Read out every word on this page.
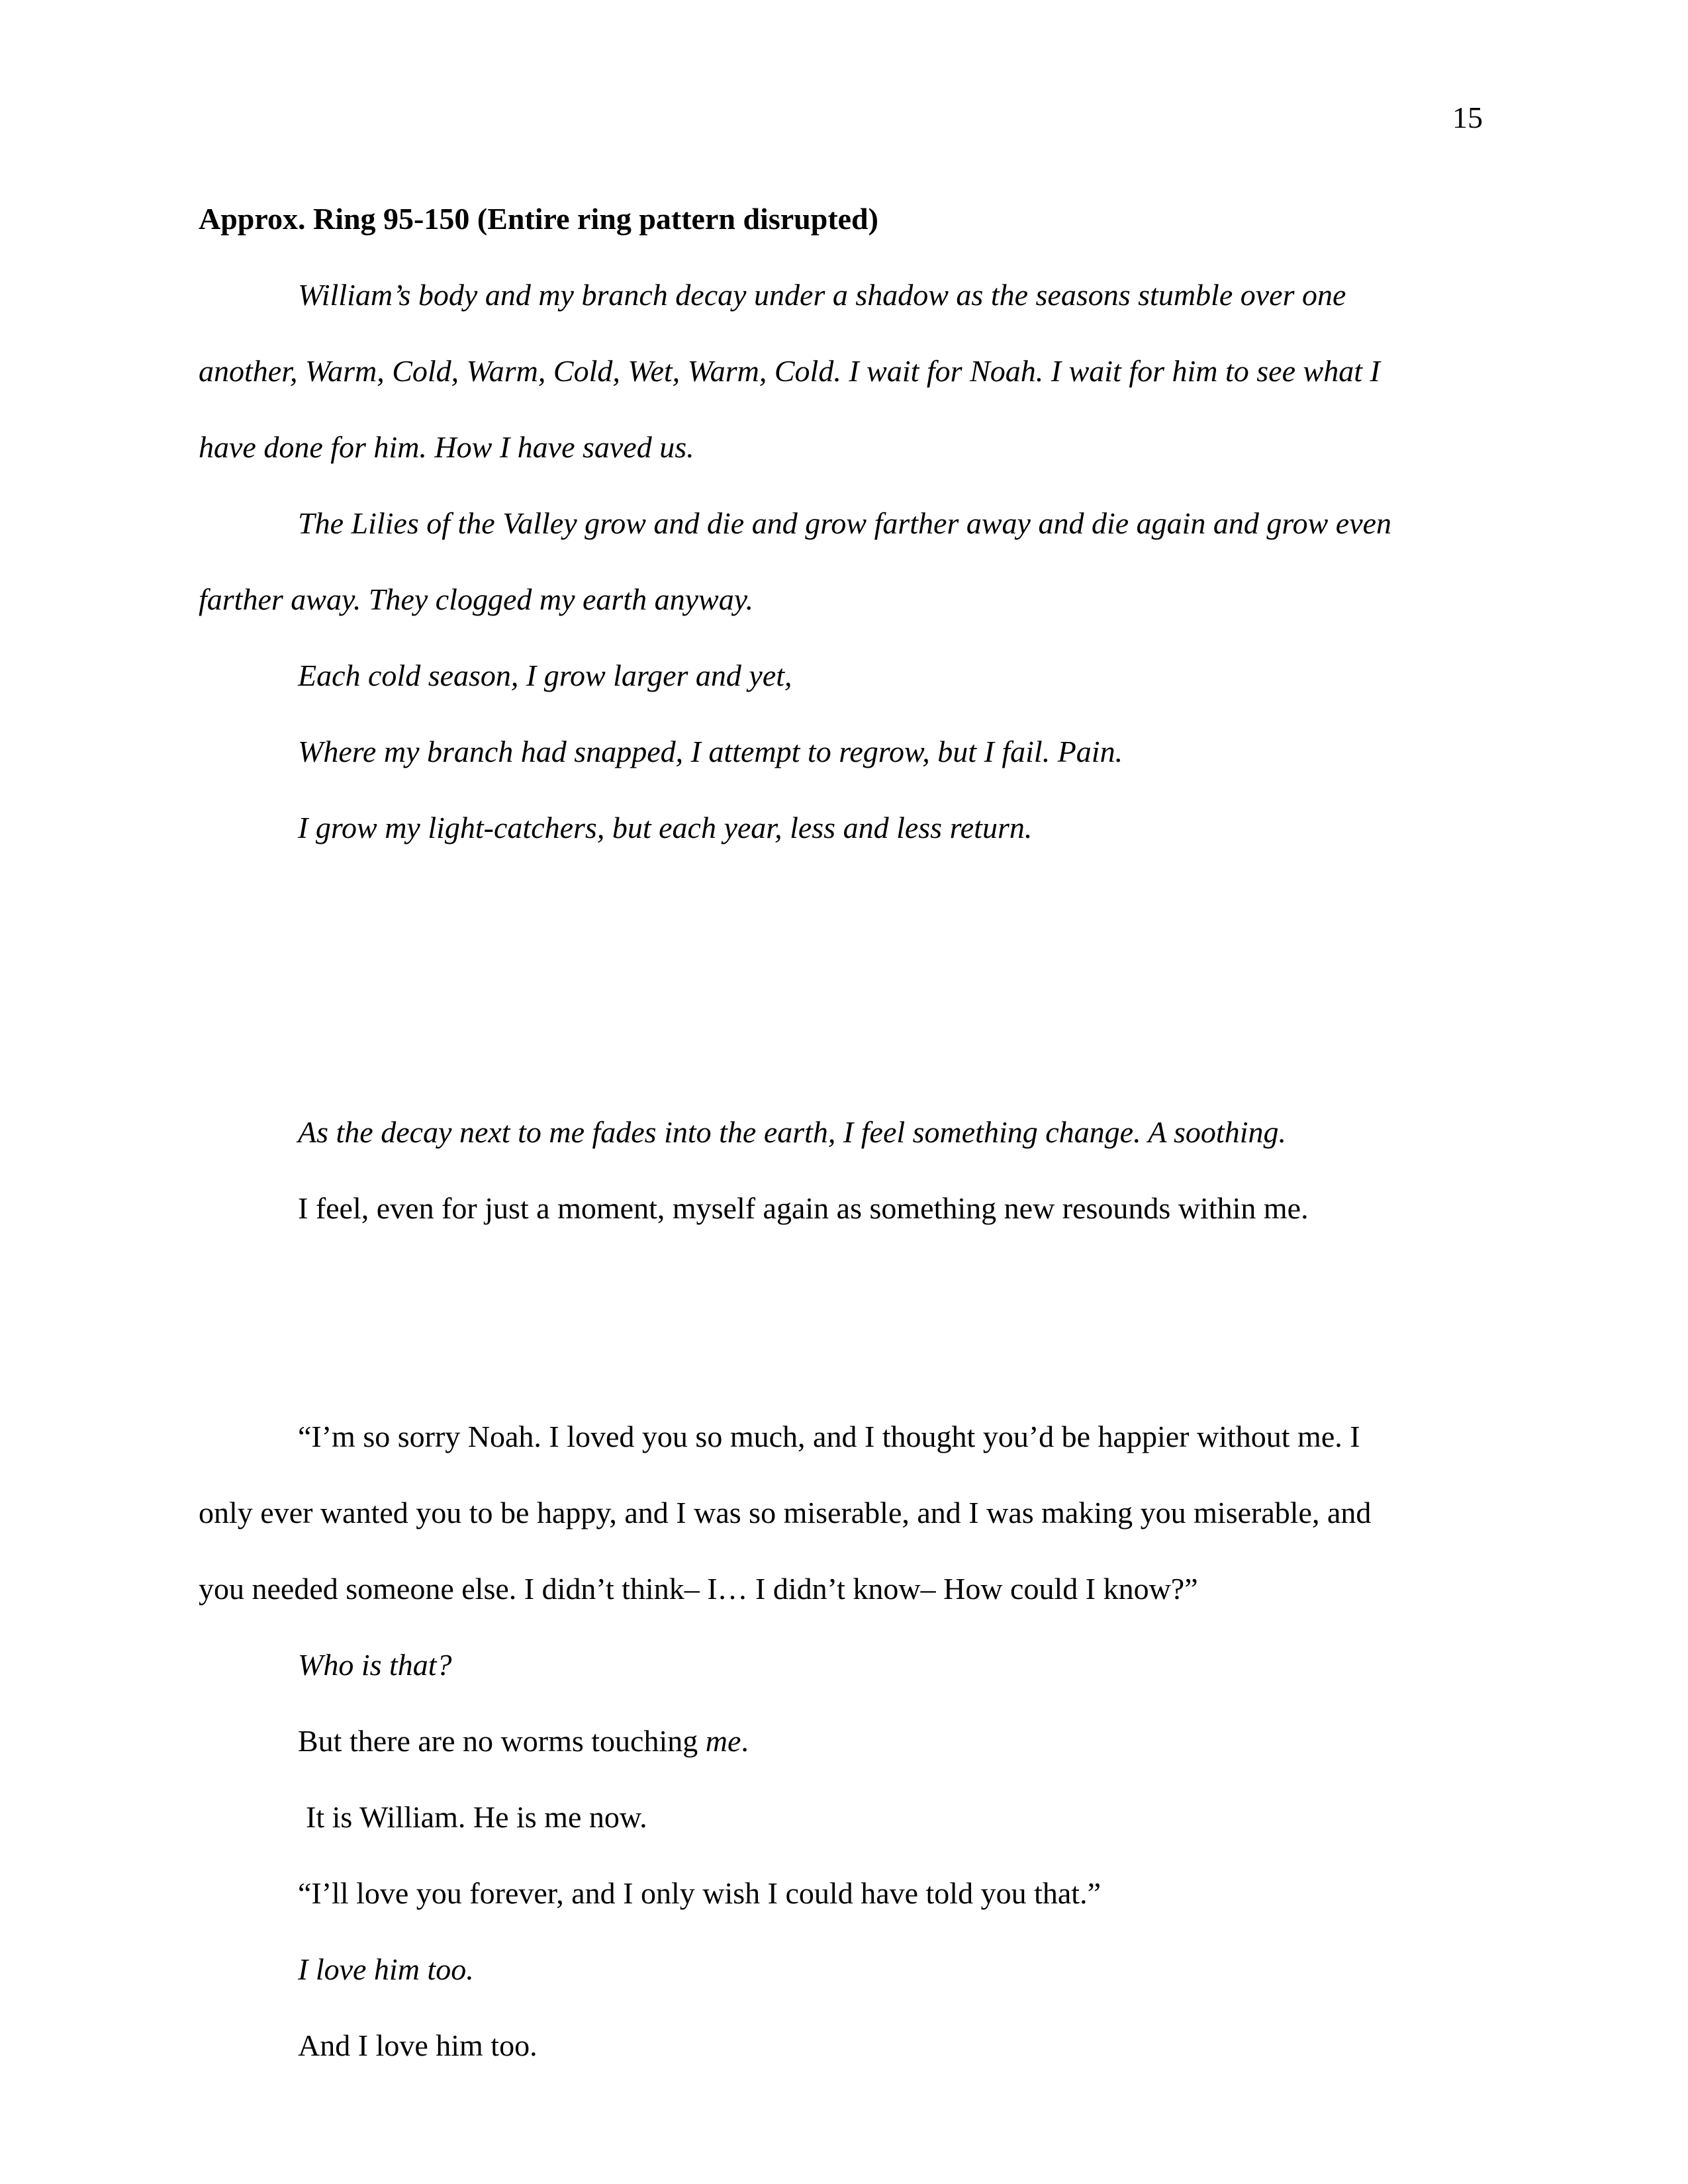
15
Approx. Ring 95-150 (Entire ring pattern disrupted)
William’s body and my branch decay under a shadow as the seasons stumble over one
another, Warm, Cold, Warm, Cold, Wet, Warm, Cold. I wait for Noah. I wait for him to see what I
have done for him. How I have saved us.
The Lilies of the Valley grow and die and grow farther away and die again and grow even
farther away. They clogged my earth anyway.
Each cold season, I grow larger and yet,
Where my branch had snapped, I attempt to regrow, but I fail. Pain.
I grow my light-catchers, but each year, less and less return.
As the decay next to me fades into the earth, I feel something change. A soothing.
I feel, even for just a moment, myself again as something new resounds within me.
“I’m so sorry Noah. I loved you so much, and I thought you’d be happier without me. I
only ever wanted you to be happy, and I was so miserable, and I was making you miserable, and
you needed someone else. I didn’t think– I… I didn’t know– How could I know?”
Who is that?
But there are no worms touching me.
It is William. He is me now.
“I’ll love you forever, and I only wish I could have told you that.”
I love him too.
And I love him too.
